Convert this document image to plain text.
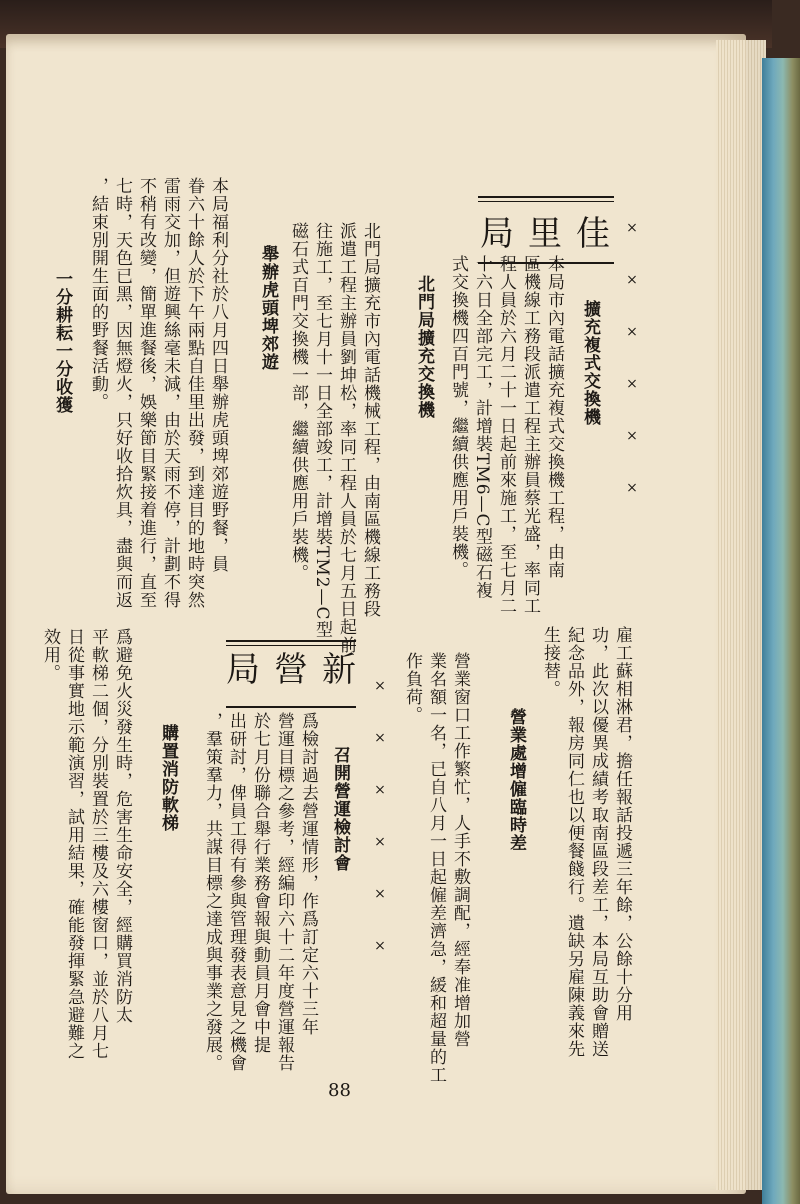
佳里局 ××××××
擴充複式交換機
本局市內電話擴充複式交換機工程，由南
區機線工務段派遣工程主辦員蔡光盛，率同工
程人員於六月二十一日起前來施工，至七月二
十六日全部完工，計增裝TM6—C型磁石複
式交換機四百門號，繼續供應用戶裝機。
北門局擴充交換機
北門局擴充市內電話機械工程，由南區機線工務段
派遣工程主辦員劉坤松，率同工程人員於七月五日起前
往施工，至七月十一日全部竣工，計增裝TM2—C型
磁石式百門交換機一部，繼續供應用戶裝機。
舉辦虎頭埤郊遊
本局福利分社於八月四日舉辦虎頭埤郊遊野餐，員
眷六十餘人於下午兩點自佳里出發，到達目的地時突然
雷雨交加，但遊興絲毫未減，由於天雨不停，計劃不得
不稍有改變，簡單進餐後，娛樂節目緊接着進行，直至
七時，天色已黑，因無燈火，只好收拾炊具，盡與而返
，結束別開生面的野餐活動。
一分耕耘一分收獲
雇工蘇相淋君，擔任報話投遞三年餘，公餘十分用
功，此次以優異成績考取南區段差工，本局互助會贈送
紀念品外，報房同仁也以便餐餞行。遺缺另雇陳義來先
生接替。
營業處增僱臨時差
營業窗口工作繁忙，人手不敷調配，經奉准增加營
業名額一名，已自八月一日起僱差濟急，緩和超量的工
作負荷。
××××××
新營局
召開營運檢討會
爲檢討過去營運情形，作爲訂定六十三年
營運目標之參考，經編印六十二年度營運報告
於七月份聯合舉行業務會報與動員月會中提
出研討，俾員工得有參與管理發表意見之機會
，羣策羣力，共謀目標之達成與事業之發展。
購置消防軟梯
爲避免火災發生時，危害生命安全，經購買消防太
平軟梯二個，分別裝置於三樓及六樓窗口，並於八月七
日從事實地示範演習，試用結果，確能發揮緊急避難之
效用。
88
